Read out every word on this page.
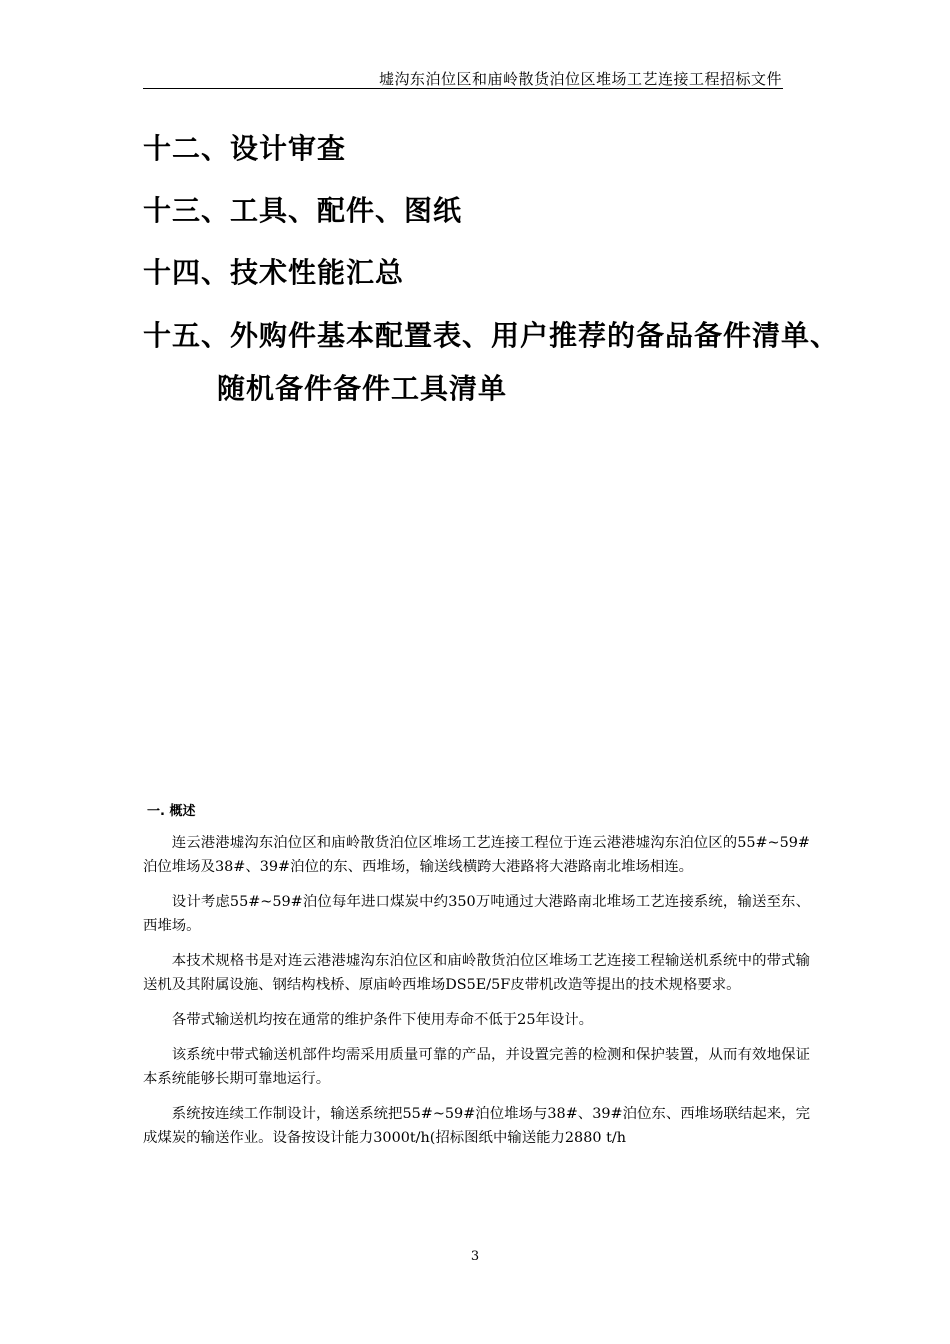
墟沟东泊位区和庙岭散货泊位区堆场工艺连接工程招标文件

十二、设计审查

十三、工具、配件、图纸

十四、技术性能汇总

十五、外购件基本配置表、用户推荐的备品备件清单、

随机备件备件工具清单

一. 概述

连云港港墟沟东泊位区和庙岭散货泊位区堆场工艺连接工程位于连云港港墟沟东泊位区的55#~59#泊位堆场及38#、39#泊位的东、西堆场，输送线横跨大港路将大港路南北堆场相连。

设计考虑55#~59#泊位每年进口煤炭中约350万吨通过大港路南北堆场工艺连接系统，输送至东、西堆场。

本技术规格书是对连云港港墟沟东泊位区和庙岭散货泊位区堆场工艺连接工程输送机系统中的带式输送机及其附属设施、钢结构栈桥、原庙岭西堆场DS5E/5F皮带机改造等提出的技术规格要求。

各带式输送机均按在通常的维护条件下使用寿命不低于25年设计。

该系统中带式输送机部件均需采用质量可靠的产品，并设置完善的检测和保护装置，从而有效地保证本系统能够长期可靠地运行。

系统按连续工作制设计，输送系统把55#~59#泊位堆场与38#、39#泊位东、西堆场联结起来，完成煤炭的输送作业。设备按设计能力3000t/h(招标图纸中输送能力2880 t/h

3
